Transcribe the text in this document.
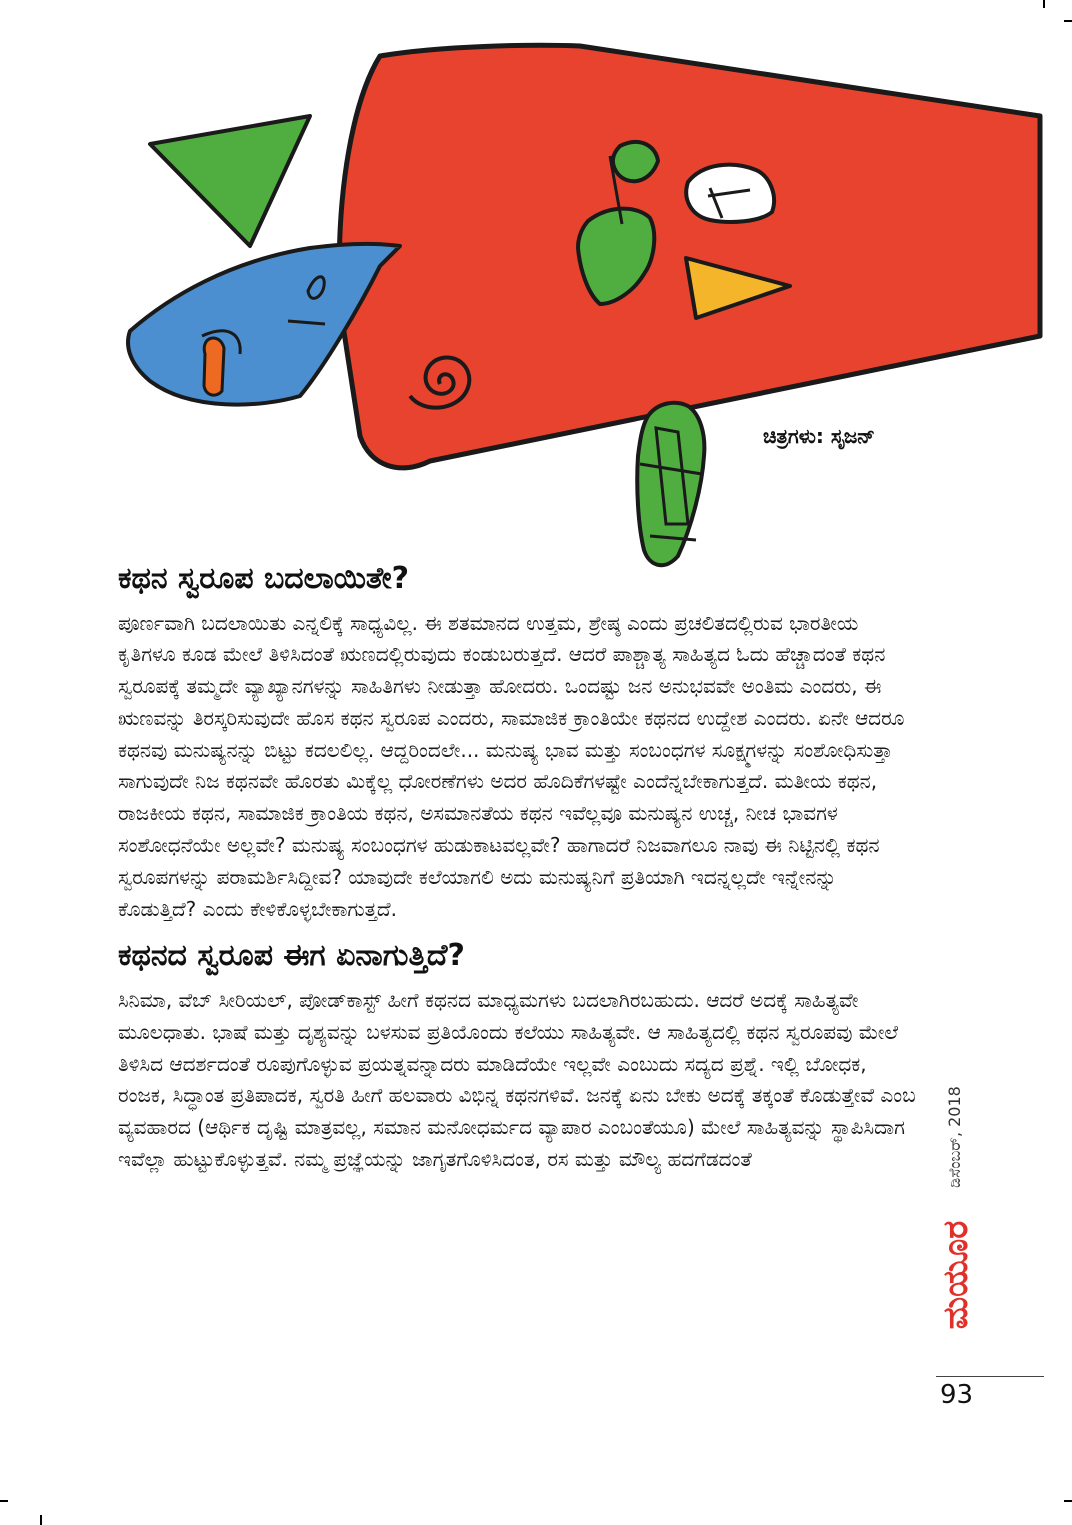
ಚಿತ್ರಗಳು: ಸೃಜನ್
ಕಥನ ಸ್ವರೂಪ ಬದಲಾಯಿತೇ?

ಪೂರ್ಣವಾಗಿ ಬದಲಾಯಿತು ಎನ್ನಲಿಕ್ಕೆ ಸಾಧ್ಯವಿಲ್ಲ. ಈ ಶತಮಾನದ ಉತ್ತಮ, ಶ್ರೇಷ್ಠ ಎಂದು ಪ್ರಚಲಿತದಲ್ಲಿರುವ ಭಾರತೀಯ ಕೃತಿಗಳೂ ಕೂಡ ಮೇಲೆ ತಿಳಿಸಿದಂತೆ ಋಣದಲ್ಲಿರುವುದು ಕಂಡುಬರುತ್ತದೆ. ಆದರೆ ಪಾಶ್ಚಾತ್ಯ ಸಾಹಿತ್ಯದ ಓದು ಹೆಚ್ಚಾದಂತೆ ಕಥನ ಸ್ವರೂಪಕ್ಕೆ ತಮ್ಮದೇ ವ್ಯಾಖ್ಯಾನಗಳನ್ನು ಸಾಹಿತಿಗಳು ನೀಡುತ್ತಾ ಹೋದರು. ಒಂದಷ್ಟು ಜನ ಅನುಭವವೇ ಅಂತಿಮ ಎಂದರು, ಈ ಋಣವನ್ನು ತಿರಸ್ಕರಿಸುವುದೇ ಹೊಸ ಕಥನ ಸ್ವರೂಪ ಎಂದರು, ಸಾಮಾಜಿಕ ಕ್ರಾಂತಿಯೇ ಕಥನದ ಉದ್ದೇಶ ಎಂದರು. ಏನೇ ಆದರೂ ಕಥನವು ಮನುಷ್ಯನನ್ನು ಬಿಟ್ಟು ಕದಲಲಿಲ್ಲ. ಆದ್ದರಿಂದಲೇ... ಮನುಷ್ಯ ಭಾವ ಮತ್ತು ಸಂಬಂಧಗಳ ಸೂಕ್ಷ್ಮಗಳನ್ನು ಸಂಶೋಧಿಸುತ್ತಾ ಸಾಗುವುದೇ ನಿಜ ಕಥನವೇ ಹೊರತು ಮಿಕ್ಕೆಲ್ಲ ಧೋರಣೆಗಳು ಅದರ ಹೊದಿಕೆಗಳಷ್ಟೇ ಎಂದೆನ್ನಬೇಕಾಗುತ್ತದೆ. ಮತೀಯ ಕಥನ, ರಾಜಕೀಯ ಕಥನ, ಸಾಮಾಜಿಕ ಕ್ರಾಂತಿಯ ಕಥನ, ಅಸಮಾನತೆಯ ಕಥನ ಇವೆಲ್ಲವೂ ಮನುಷ್ಯನ ಉಚ್ಚ, ನೀಚ ಭಾವಗಳ ಸಂಶೋಧನೆಯೇ ಅಲ್ಲವೇ? ಮನುಷ್ಯ ಸಂಬಂಧಗಳ ಹುಡುಕಾಟವಲ್ಲವೇ? ಹಾಗಾದರೆ ನಿಜವಾಗಲೂ ನಾವು ಈ ನಿಟ್ಟಿನಲ್ಲಿ ಕಥನ ಸ್ವರೂಪಗಳನ್ನು ಪರಾಮರ್ಶಿಸಿದ್ದೀವ? ಯಾವುದೇ ಕಲೆಯಾಗಲಿ ಅದು ಮನುಷ್ಯನಿಗೆ ಪ್ರತಿಯಾಗಿ ಇದನ್ನಲ್ಲದೇ ಇನ್ನೇನನ್ನು ಕೊಡುತ್ತಿದೆ? ಎಂದು ಕೇಳಿಕೊಳ್ಳಬೇಕಾಗುತ್ತದೆ.

ಕಥನದ ಸ್ವರೂಪ ಈಗ ಏನಾಗುತ್ತಿದೆ?

ಸಿನಿಮಾ, ವೆಬ್ ಸೀರಿಯಲ್, ಪೋಡ್‌ಕಾಸ್ಟ್ ಹೀಗೆ ಕಥನದ ಮಾಧ್ಯಮಗಳು ಬದಲಾಗಿರಬಹುದು. ಆದರೆ ಅದಕ್ಕೆ ಸಾಹಿತ್ಯವೇ ಮೂಲಧಾತು. ಭಾಷೆ ಮತ್ತು ದೃಶ್ಯವನ್ನು ಬಳಸುವ ಪ್ರತಿಯೊಂದು ಕಲೆಯು ಸಾಹಿತ್ಯವೇ. ಆ ಸಾಹಿತ್ಯದಲ್ಲಿ ಕಥನ ಸ್ವರೂಪವು ಮೇಲೆ ತಿಳಿಸಿದ ಆದರ್ಶದಂತೆ ರೂಪುಗೊಳ್ಳುವ ಪ್ರಯತ್ನವನ್ನಾದರು ಮಾಡಿದೆಯೇ ಇಲ್ಲವೇ ಎಂಬುದು ಸದ್ಯದ ಪ್ರಶ್ನೆ. ಇಲ್ಲಿ ಬೋಧಕ, ರಂಜಕ, ಸಿದ್ಧಾಂತ ಪ್ರತಿಪಾದಕ, ಸ್ವರತಿ ಹೀಗೆ ಹಲವಾರು ವಿಭಿನ್ನ ಕಥನಗಳಿವೆ. ಜನಕ್ಕೆ ಏನು ಬೇಕು ಅದಕ್ಕೆ ತಕ್ಕಂತೆ ಕೊಡುತ್ತೇವೆ ಎಂಬ ವ್ಯವಹಾರದ (ಆರ್ಥಿಕ ದೃಷ್ಟಿ ಮಾತ್ರವಲ್ಲ, ಸಮಾನ ಮನೋಧರ್ಮದ ವ್ಯಾಪಾರ ಎಂಬಂತೆಯೂ) ಮೇಲೆ ಸಾಹಿತ್ಯವನ್ನು ಸ್ಥಾಪಿಸಿದಾಗ ಇವೆಲ್ಲಾ ಹುಟ್ಟುಕೊಳ್ಳುತ್ತವೆ. ನಮ್ಮ ಪ್ರಜ್ಞೆಯನ್ನು ಜಾಗೃತಗೊಳಿಸಿದಂತ, ರಸ ಮತ್ತು ಮೌಲ್ಯ ಹದಗೆಡದಂತೆ	ಡಿಸೆಂಬರ್, 2018
ಮಯೂರ
93
